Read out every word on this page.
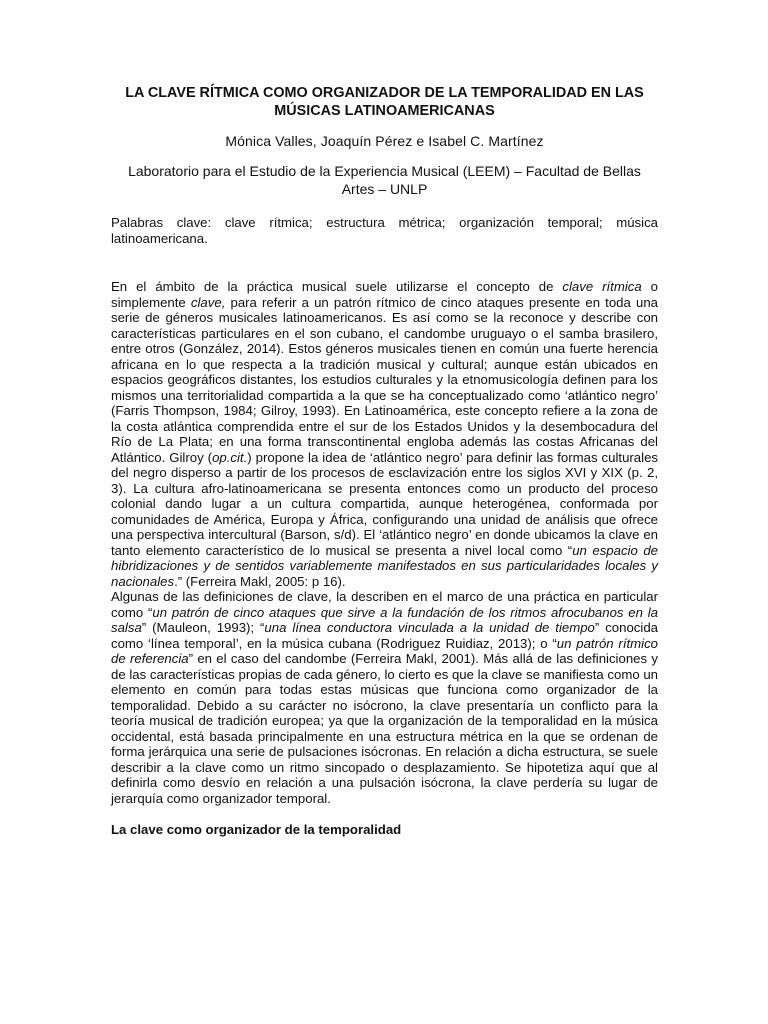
LA CLAVE RÍTMICA COMO ORGANIZADOR DE LA TEMPORALIDAD EN LAS MÚSICAS LATINOAMERICANAS
Mónica Valles, Joaquín Pérez e Isabel C. Martínez
Laboratorio para el Estudio de la Experiencia Musical (LEEM) – Facultad de Bellas Artes – UNLP
Palabras clave: clave rítmica; estructura métrica; organización temporal; música latinoamericana.

En el ámbito de la práctica musical suele utilizarse el concepto de clave rítmica o simplemente clave, para referir a un patrón rítmico de cinco ataques presente en toda una serie de géneros musicales latinoamericanos. Es así como se la reconoce y describe con características particulares en el son cubano, el candombe uruguayo o el samba brasilero, entre otros (González, 2014). Estos géneros musicales tienen en común una fuerte herencia africana en lo que respecta a la tradición musical y cultural; aunque están ubicados en espacios geográficos distantes, los estudios culturales y la etnomusicología definen para los mismos una territorialidad compartida a la que se ha conceptualizado como ‘atlántico negro’ (Farris Thompson, 1984; Gilroy, 1993). En Latinoamérica, este concepto refiere a la zona de la costa atlántica comprendida entre el sur de los Estados Unidos y la desembocadura del Río de La Plata; en una forma transcontinental engloba además las costas Africanas del Atlántico. Gilroy (op.cit.) propone la idea de ‘atlántico negro’ para definir las formas culturales del negro disperso a partir de los procesos de esclavización entre los siglos XVI y XIX (p. 2, 3). La cultura afro-latinoamericana se presenta entonces como un producto del proceso colonial dando lugar a un cultura compartida, aunque heterogénea, conformada por comunidades de América, Europa y África, configurando una unidad de análisis que ofrece una perspectiva intercultural (Barson, s/d). El ‘atlántico negro’ en donde ubicamos la clave en tanto elemento característico de lo musical se presenta a nivel local como “un espacio de hibridizaciones y de sentidos variablemente manifestados en sus particularidades locales y nacionales.” (Ferreira Makl, 2005: p 16).

Algunas de las definiciones de clave, la describen en el marco de una práctica en particular como “un patrón de cinco ataques que sirve a la fundación de los ritmos afrocubanos en la salsa” (Mauleon, 1993); “una línea conductora vinculada a la unidad de tiempo” conocida como ‘línea temporal’, en la música cubana (Rodriguez Ruidiaz, 2013); o “un patrón rítmico de referencia” en el caso del candombe (Ferreira Makl, 2001). Más allá de las definiciones y de las características propias de cada género, lo cierto es que la clave se manifiesta como un elemento en común para todas estas músicas que funciona como organizador de la temporalidad. Debido a su carácter no isócrono, la clave presentaría un conflicto para la teoría musical de tradición europea; ya que la organización de la temporalidad en la música occidental, está basada principalmente en una estructura métrica en la que se ordenan de forma jerárquica una serie de pulsaciones isócronas. En relación a dicha estructura, se suele describir a la clave como un ritmo sincopado o desplazamiento. Se hipotetiza aquí que al definirla como desvío en relación a una pulsación isócrona, la clave perdería su lugar de jerarquía como organizador temporal.

La clave como organizador de la temporalidad
